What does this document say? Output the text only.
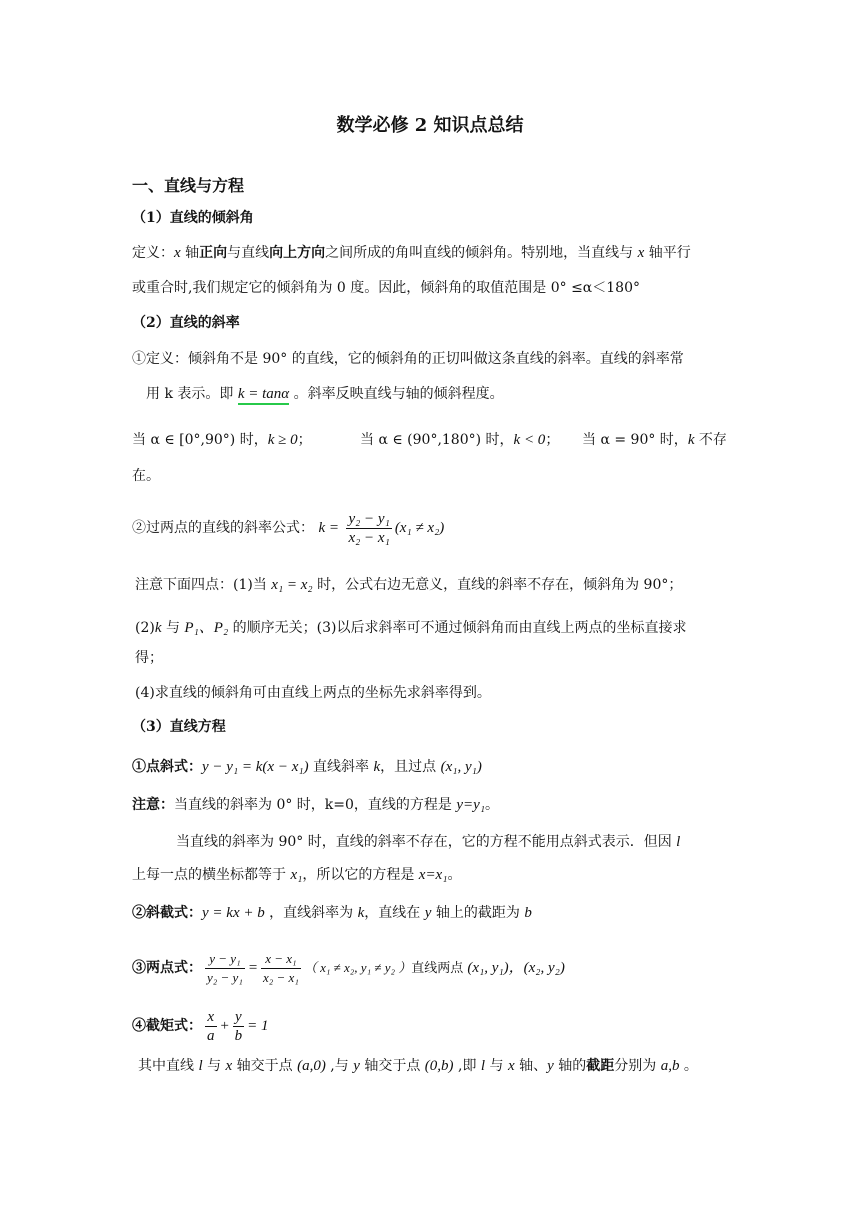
数学必修 2 知识点总结
一、直线与方程
（1）直线的倾斜角
定义：x 轴正向与直线向上方向之间所成的角叫直线的倾斜角。特别地，当直线与 x 轴平行
或重合时,我们规定它的倾斜角为 0 度。因此，倾斜角的取值范围是 0° ≤α＜180°
（2）直线的斜率
①定义：倾斜角不是 90° 的直线，它的倾斜角的正切叫做这条直线的斜率。直线的斜率常
用 k 表示。即 k = tanα 。斜率反映直线与轴的倾斜程度。
当 α ∈ [0°,90°) 时，k ≥ 0；	当 α ∈ (90°,180°) 时，k < 0； 当 α = 90° 时，k 不存
在。
②过两点的直线的斜率公式： $k = \frac{\text{y₂ − y₁}}{\text{x₂ − x₁}} (x_1 \ne x_2)$
注意下面四点：(1)当 x₁ = x₂ 时，公式右边无意义，直线的斜率不存在，倾斜角为 90°；
(2)k 与 P₁、P₂ 的顺序无关；(3)以后求斜率可不通过倾斜角而由直线上两点的坐标直接求
得；
(4)求直线的倾斜角可由直线上两点的坐标先求斜率得到。
（3）直线方程
①点斜式：y − y₁ = k(x − x₁) 直线斜率 k，且过点 (x₁, y₁)
注意：当直线的斜率为 0° 时，k=0，直线的方程是 y=y₁。
当直线的斜率为 90° 时，直线的斜率不存在，它的方程不能用点斜式表示．但因 l
上每一点的横坐标都等于 x₁，所以它的方程是 x=x₁。
②斜截式：y = kx + b ，直线斜率为 k，直线在 y 轴上的截距为 b
③两点式： $\frac{\text{y − y₁}}{\text{y₂ − y₁}} = \frac{\text{x − x₁}}{\text{x₂ − x₁}}$ （ x₁ ≠ x₂, y₁ ≠ y₂ ）直线两点 (x₁, y₁)，(x₂, y₂)
④截矩式： $\frac{x}{a} + \frac{y}{b} = 1$
其中直线 l 与 x 轴交于点 (a,0) ,与 y 轴交于点 (0,b) ,即 l 与 x 轴、y 轴的截距分别为 a,b 。
